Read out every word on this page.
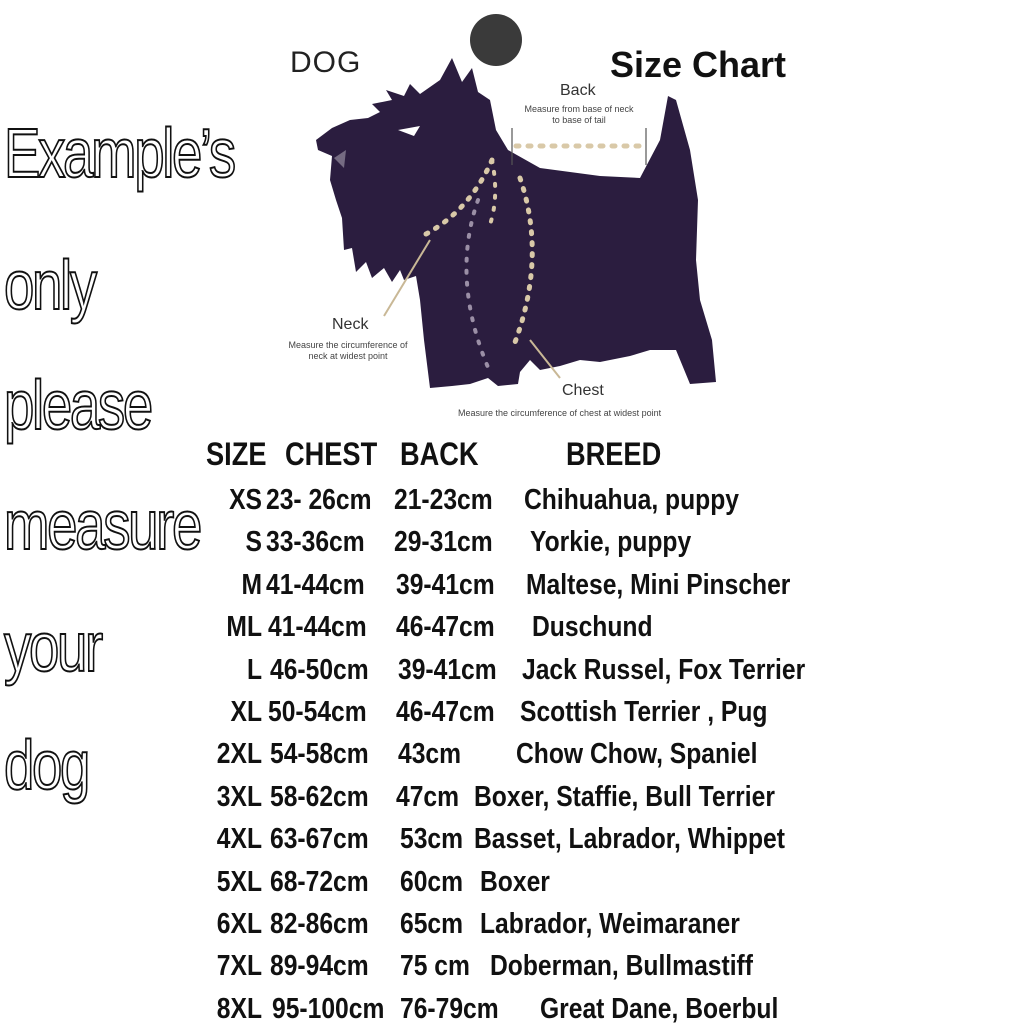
Example’s
only
please
measure
your
dog
DOG	Size Chart
Back
Measure from base of neck to base of tail
Neck
Measure the circumference of neck at widest point
Chest
Measure the circumference of chest at widest point
SIZE CHEST BACK	BREED
XS 23- 26cm 21-23cm Chihuahua, puppy
S 33-36cm 29-31cm Yorkie, puppy
M 41-44cm 39-41cm Maltese, Mini Pinscher
ML 41-44cm 46-47cm Duschund
L 46-50cm 39-41cm Jack Russel, Fox Terrier
XL 50-54cm 46-47cm Scottish Terrier , Pug
2XL 54-58cm 43cm Chow Chow, Spaniel
3XL 58-62cm 47cm Boxer, Staffie, Bull Terrier
4XL 63-67cm 53cm Basset, Labrador, Whippet
5XL 68-72cm 60cm Boxer
6XL 82-86cm 65cm Labrador, Weimaraner
7XL 89-94cm 75 cm Doberman, Bullmastiff
8XL 95-100cm 76-79cm Great Dane, Boerbul
